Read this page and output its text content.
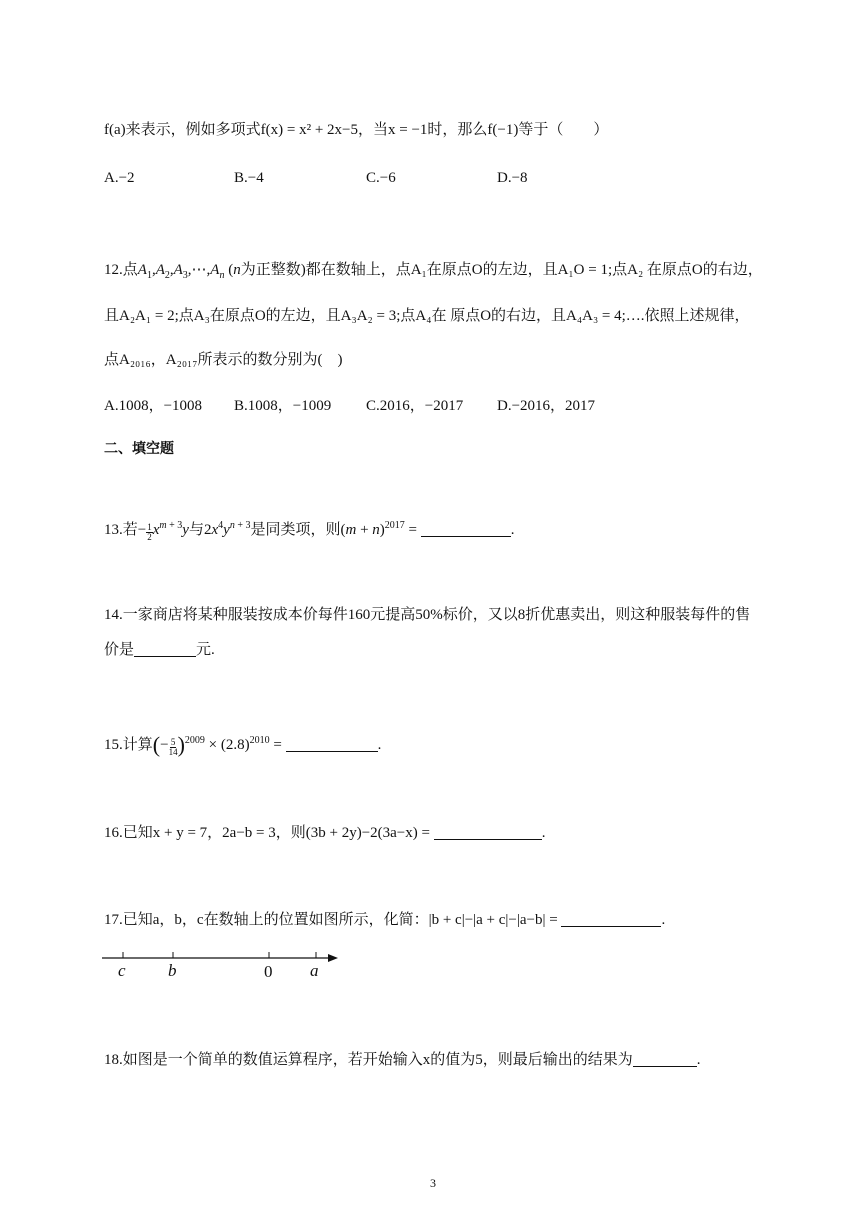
f(a)来表示，例如多项式f(x) = x² + 2x−5，当x = −1时，那么f(−1)等于（　　）
A.−2	B.−4	C.−6	D.−8
12.点$A_1,A_2,A_3,\cdots,A_n$ (n为正整数)都在数轴上，点A₁在原点O的左边，且A₁O = 1;点A₂ 在原点O的右边，
且A₂A₁ = 2;点A₃在原点O的左边，且A₃A₂ = 3;点A₄在 原点O的右边，且A₄A₃ = 4;….依照上述规律，
点A₂₀₁₆，A₂₀₁₇所表示的数分别为(　)
A.1008，−1008 B.1008，−1009 C.2016，−2017 D.−2016，2017
二、填空题
13.若− $\frac{1}{2} x^{m + 3}y$与$2x^4y^{n + 3}$是同类项，则$(m + n)^{2017}$ =	.
14.一家商店将某种服装按成本价每件160元提高50%标价，又以8折优惠卖出，则这种服装每件的售
价是	元.
15.计算(− $\frac{5}{14} )^{2009} \times (2.8)^{2010}$ =	.
16.已知x + y = 7，2a−b = 3，则(3b + 2y)−2(3a−x) =	.
17.已知a，b，c在数轴上的位置如图所示，化简：|b + c|−|a + c|−|a−b| =	.
c b	0 a
18.如图是一个简单的数值运算程序，若开始输入x的值为5，则最后输出的结果为	.
3
